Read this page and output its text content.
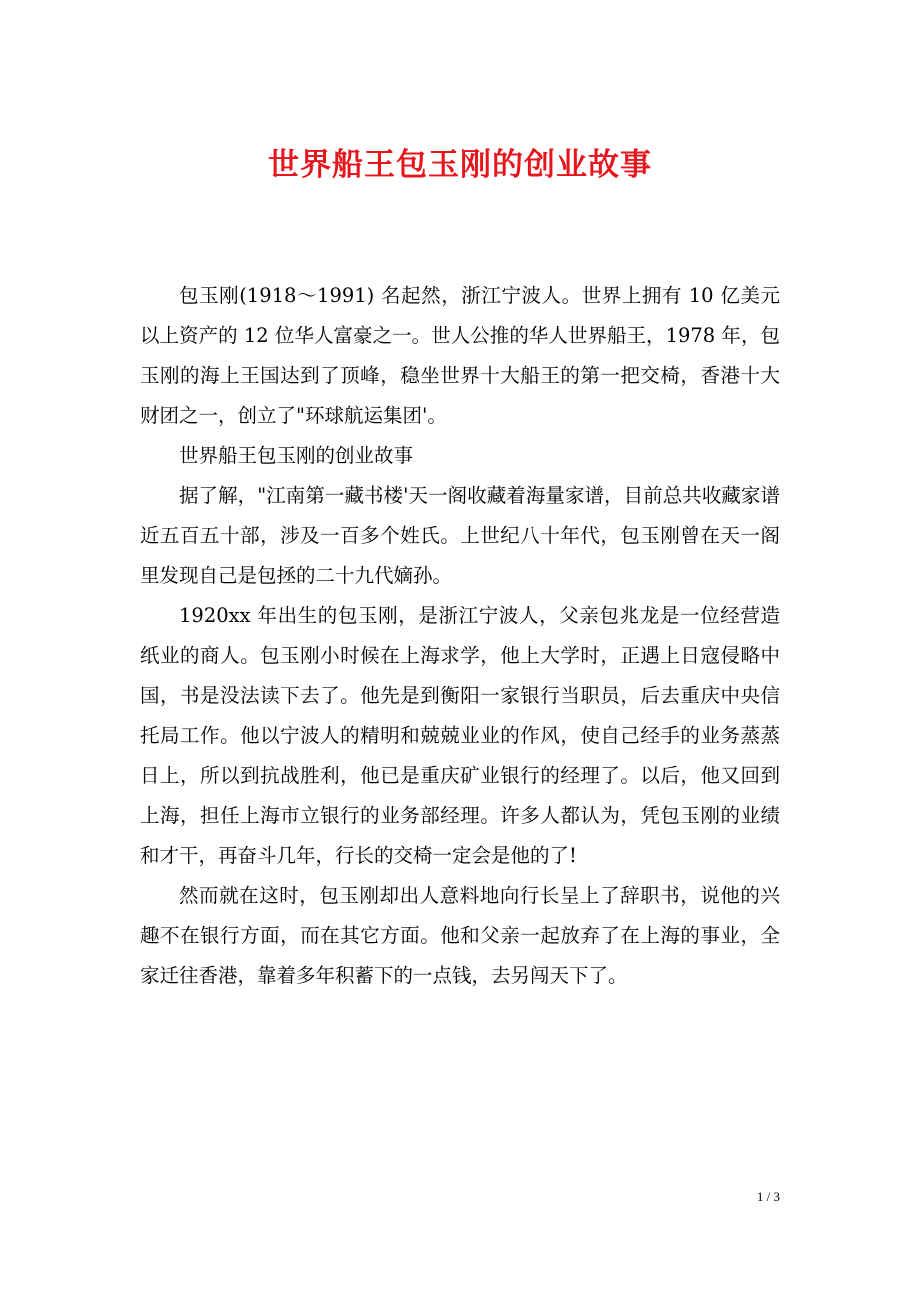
世界船王包玉刚的创业故事

包玉刚(1918～1991) 名起然，浙江宁波人。世界上拥有 10 亿美元以上资产的 12 位华人富豪之一。世人公推的华人世界船王，1978 年，包玉刚的海上王国达到了顶峰，稳坐世界十大船王的第一把交椅，香港十大财团之一，创立了"环球航运集团'。

世界船王包玉刚的创业故事

据了解，"江南第一藏书楼'天一阁收藏着海量家谱，目前总共收藏家谱近五百五十部，涉及一百多个姓氏。上世纪八十年代，包玉刚曾在天一阁里发现自己是包拯的二十九代嫡孙。

1920xx 年出生的包玉刚，是浙江宁波人，父亲包兆龙是一位经营造纸业的商人。包玉刚小时候在上海求学，他上大学时，正遇上日寇侵略中国，书是没法读下去了。他先是到衡阳一家银行当职员，后去重庆中央信托局工作。他以宁波人的精明和兢兢业业的作风，使自己经手的业务蒸蒸日上，所以到抗战胜利，他已是重庆矿业银行的经理了。以后，他又回到上海，担任上海市立银行的业务部经理。许多人都认为，凭包玉刚的业绩和才干，再奋斗几年，行长的交椅一定会是他的了!

然而就在这时，包玉刚却出人意料地向行长呈上了辞职书，说他的兴趣不在银行方面，而在其它方面。他和父亲一起放弃了在上海的事业，全家迁往香港，靠着多年积蓄下的一点钱，去另闯天下了。

1 / 3
